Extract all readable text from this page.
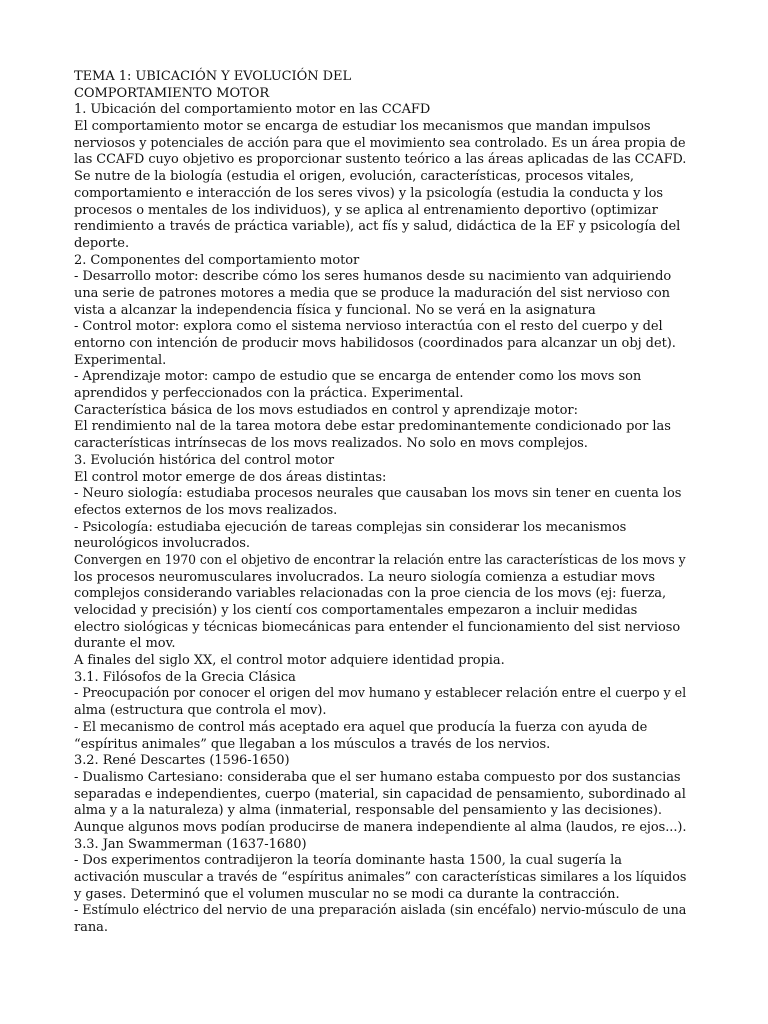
TEMA 1: UBICACIÓN Y EVOLUCIÓN DEL
COMPORTAMIENTO MOTOR
1. Ubicación del comportamiento motor en las CCAFD
El comportamiento motor se encarga de estudiar los mecanismos que mandan impulsos
nerviosos y potenciales de acción para que el movimiento sea controlado. Es un área propia de
las CCAFD cuyo objetivo es proporcionar sustento teórico a las áreas aplicadas de las CCAFD.
Se nutre de la biología (estudia el origen, evolución, características, procesos vitales,
comportamiento e interacción de los seres vivos) y la psicología (estudia la conducta y los
procesos o mentales de los individuos), y se aplica al entrenamiento deportivo (optimizar
rendimiento a través de práctica variable), act fís y salud, didáctica de la EF y psicología del
deporte.
2. Componentes del comportamiento motor
- Desarrollo motor: describe cómo los seres humanos desde su nacimiento van adquiriendo
una serie de patrones motores a media que se produce la maduración del sist nervioso con
vista a alcanzar la independencia física y funcional. No se verá en la asignatura
- Control motor: explora como el sistema nervioso interactúa con el resto del cuerpo y del
entorno con intención de producir movs habilidosos (coordinados para alcanzar un obj det).
Experimental.
- Aprendizaje motor: campo de estudio que se encarga de entender como los movs son
aprendidos y perfeccionados con la práctica. Experimental.
Característica básica de los movs estudiados en control y aprendizaje motor:
El rendimiento nal de la tarea motora debe estar predominantemente condicionado por las
características intrínsecas de los movs realizados. No solo en movs complejos.
3. Evolución histórica del control motor
El control motor emerge de dos áreas distintas:
- Neuro siología: estudiaba procesos neurales que causaban los movs sin tener en cuenta los
efectos externos de los movs realizados.
- Psicología: estudiaba ejecución de tareas complejas sin considerar los mecanismos
neurológicos involucrados.
Convergen en 1970 con el objetivo de encontrar la relación entre las características de los movs y
los procesos neuromusculares involucrados. La neuro siología comienza a estudiar movs
complejos considerando variables relacionadas con la proe ciencia de los movs (ej: fuerza,
velocidad y precisión) y los cientí cos comportamentales empezaron a incluir medidas
electro siológicas y técnicas biomecánicas para entender el funcionamiento del sist nervioso
durante el mov.
A finales del siglo XX, el control motor adquiere identidad propia.
3.1. Filósofos de la Grecia Clásica
- Preocupación por conocer el origen del mov humano y establecer relación entre el cuerpo y el
alma (estructura que controla el mov).
- El mecanismo de control más aceptado era aquel que producía la fuerza con ayuda de
“espíritus animales” que llegaban a los músculos a través de los nervios.
3.2. René Descartes (1596-1650)
- Dualismo Cartesiano: consideraba que el ser humano estaba compuesto por dos sustancias
separadas e independientes, cuerpo (material, sin capacidad de pensamiento, subordinado al
alma y a la naturaleza) y alma (inmaterial, responsable del pensamiento y las decisiones).
Aunque algunos movs podían producirse de manera independiente al alma (laudos, re ejos...).
3.3. Jan Swammerman (1637-1680)
- Dos experimentos contradijeron la teoría dominante hasta 1500, la cual sugería la
activación muscular a través de “espíritus animales” con características similares a los líquidos
y gases. Determinó que el volumen muscular no se modi ca durante la contracción.
- Estímulo eléctrico del nervio de una preparación aislada (sin encéfalo) nervio-músculo de una
rana.
